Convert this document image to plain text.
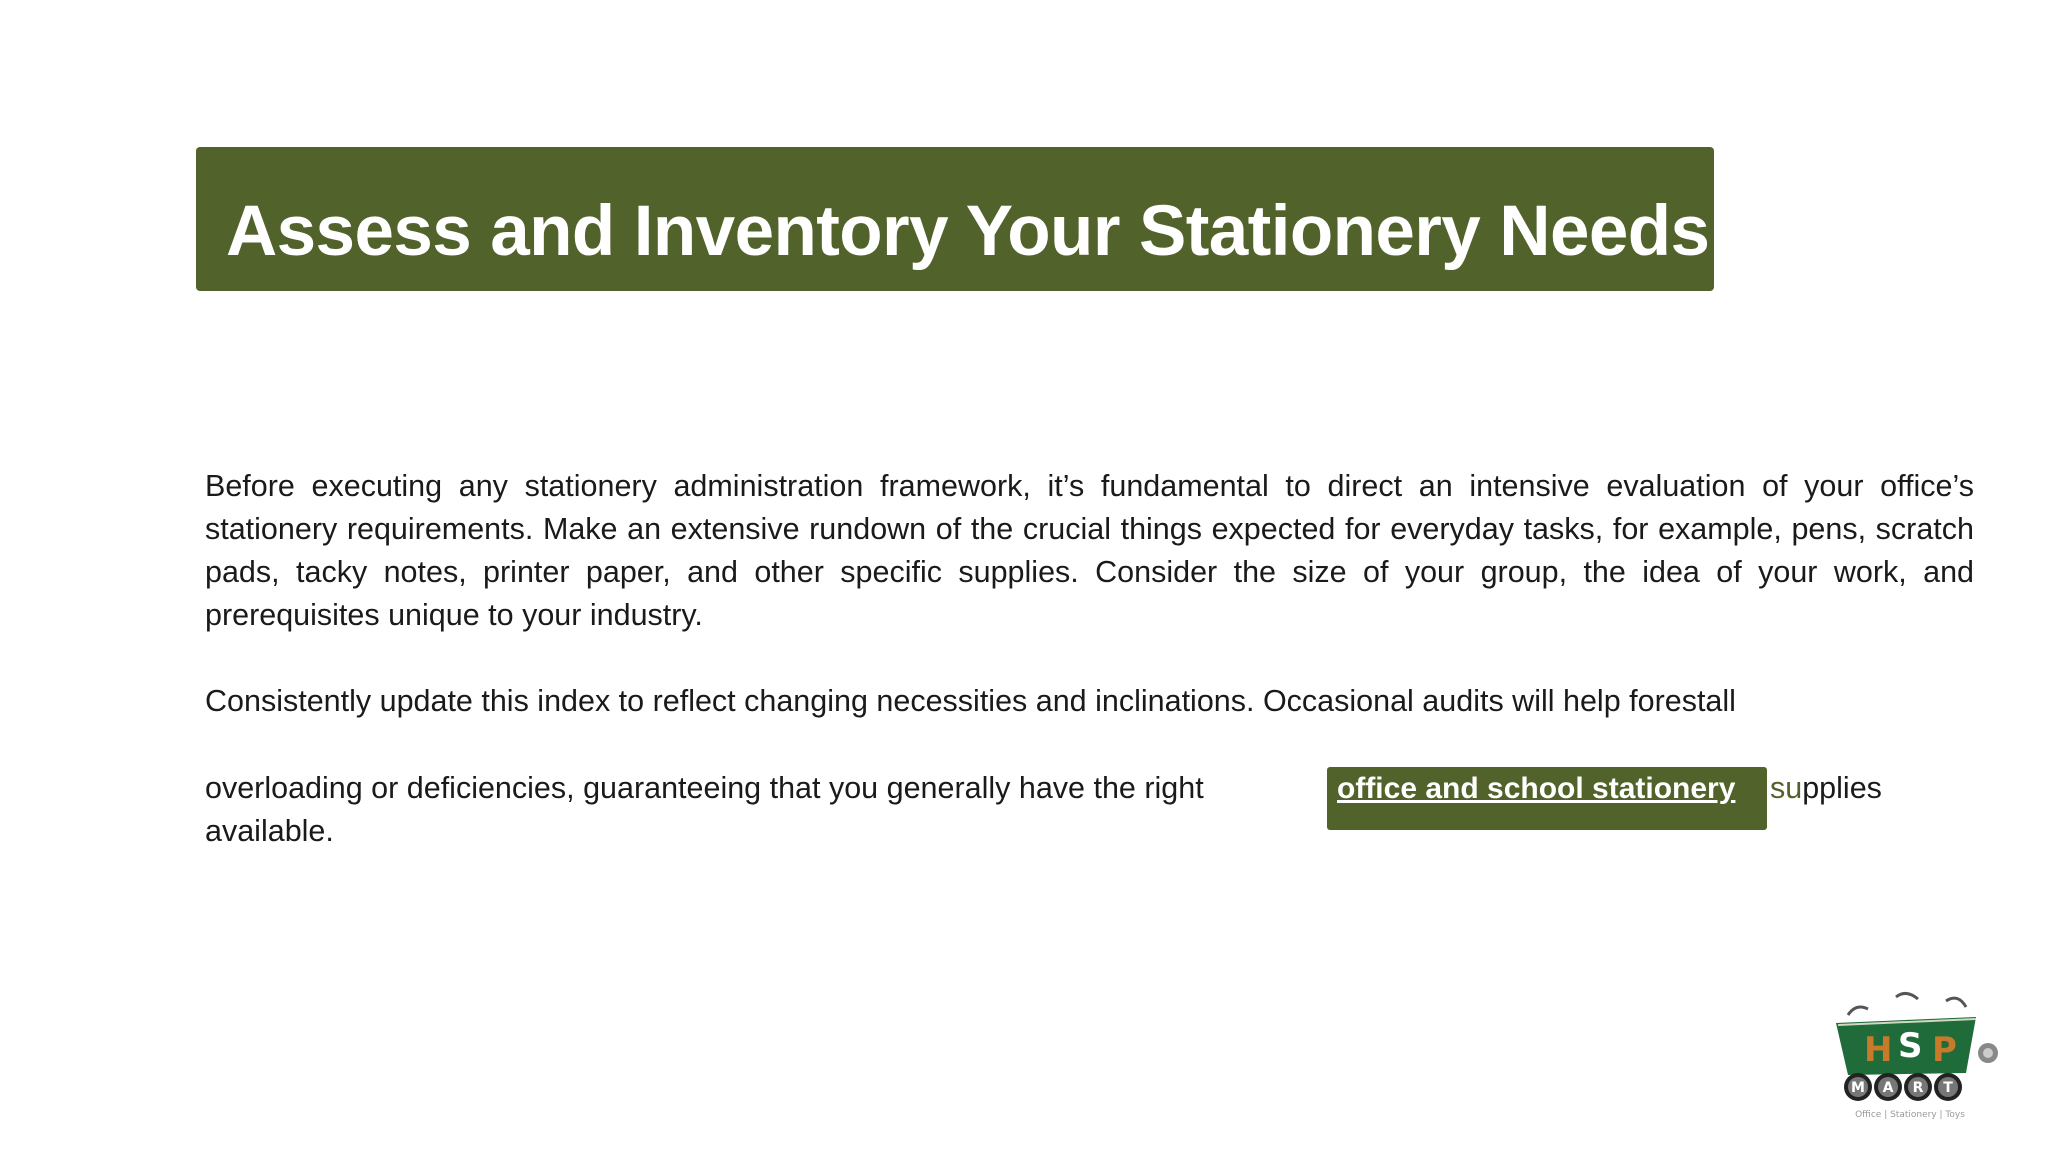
Assess and Inventory Your Stationery Needs
Before executing any stationery administration framework, it’s fundamental to direct an intensive evaluation of your office’s stationery requirements. Make an extensive rundown of the crucial things expected for everyday tasks, for example, pens, scratch pads, tacky notes, printer paper, and other specific supplies. Consider the size of your group, the idea of your work, and prerequisites unique to your industry.
Consistently update this index to reflect changing necessities and inclinations. Occasional audits will help forestall
overloading or deficiencies, guaranteeing that you generally have the right
available.
office and school stationery supplies
H S P
M A R T
Office | Stationery | Toys
